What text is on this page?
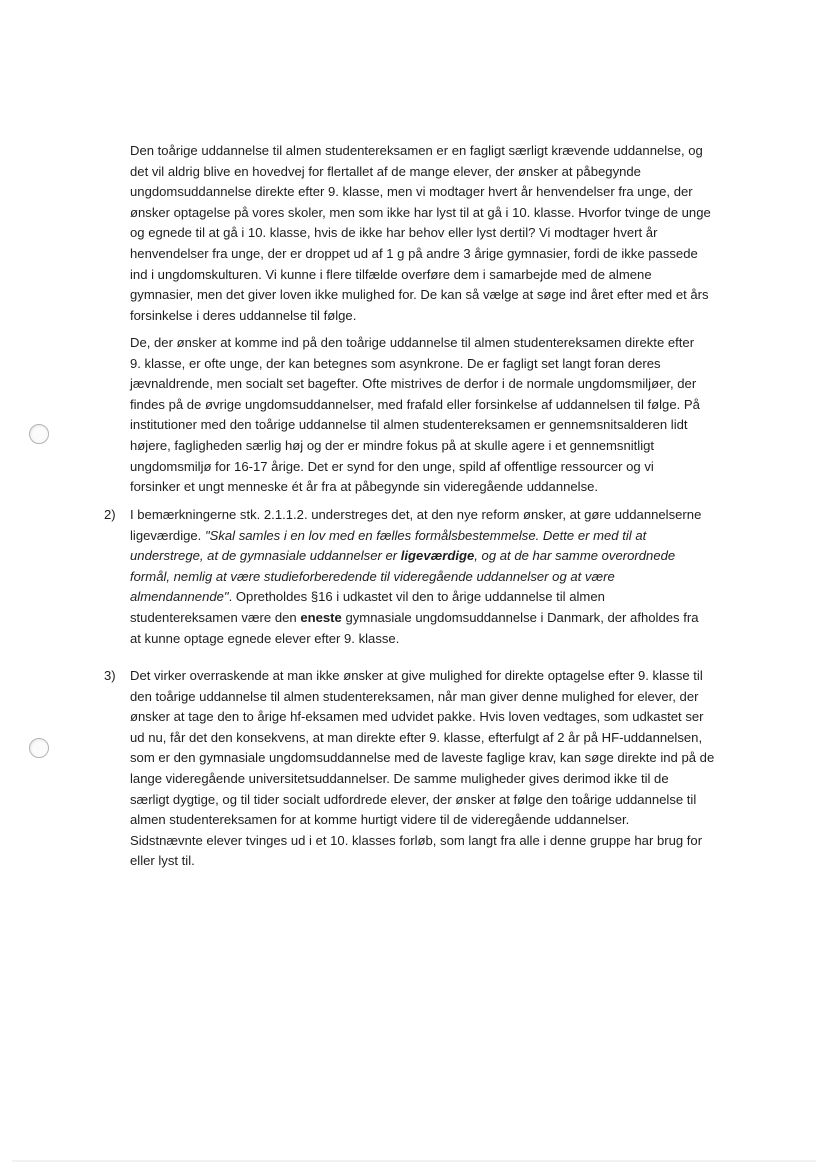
Den toårige uddannelse til almen studentereksamen er en fagligt særligt krævende uddannelse, og
det vil aldrig blive en hovedvej for flertallet af de mange elever, der ønsker at påbegynde
ungdomsuddannelse direkte efter 9. klasse, men vi modtager hvert år henvendelser fra unge, der
ønsker optagelse på vores skoler, men som ikke har lyst til at gå i 10. klasse. Hvorfor tvinge de unge
og egnede til at gå i 10. klasse, hvis de ikke har behov eller lyst dertil? Vi modtager hvert år
henvendelser fra unge, der er droppet ud af 1 g på andre 3 årige gymnasier, fordi de ikke passede
ind i ungdomskulturen. Vi kunne i flere tilfælde overføre dem i samarbejde med de almene
gymnasier, men det giver loven ikke mulighed for. De kan så vælge at søge ind året efter med et års
forsinkelse i deres uddannelse til følge.

De, der ønsker at komme ind på den toårige uddannelse til almen studentereksamen direkte efter
9. klasse, er ofte unge, der kan betegnes som asynkrone. De er fagligt set langt foran deres
jævnaldrende, men socialt set bagefter. Ofte mistrives de derfor i de normale ungdomsmiljøer, der
findes på de øvrige ungdomsuddannelser, med frafald eller forsinkelse af uddannelsen til følge. På
institutioner med den toårige uddannelse til almen studentereksamen er gennemsnitsalderen lidt
højere, fagligheden særlig høj og der er mindre fokus på at skulle agere i et gennemsnitligt
ungdomsmiljø for 16-17 årige. Det er synd for den unge, spild af offentlige ressourcer og vi
forsinker et ungt menneske ét år fra at påbegynde sin videregående uddannelse.

2) I bemærkningerne stk. 2.1.1.2. understreges det, at den nye reform ønsker, at gøre uddannelserne
ligeværdige. "Skal samles i en lov med en fælles formålsbestemmelse. Dette er med til at
understrege, at de gymnasiale uddannelser er ligeværdige, og at de har samme overordnede
formål, nemlig at være studieforberedende til videregående uddannelser og at være
almendannende". Opretholdes §16 i udkastet vil den to årige uddannelse til almen
studentereksamen være den eneste gymnasiale ungdomsuddannelse i Danmark, der afholdes fra
at kunne optage egnede elever efter 9. klasse.

3) Det virker overraskende at man ikke ønsker at give mulighed for direkte optagelse efter 9. klasse til
den toårige uddannelse til almen studentereksamen, når man giver denne mulighed for elever, der
ønsker at tage den to årige hf-eksamen med udvidet pakke. Hvis loven vedtages, som udkastet ser
ud nu, får det den konsekvens, at man direkte efter 9. klasse, efterfulgt af 2 år på HF-uddannelsen,
som er den gymnasiale ungdomsuddannelse med de laveste faglige krav, kan søge direkte ind på de
lange videregående universitetsuddannelser. De samme muligheder gives derimod ikke til de
særligt dygtige, og til tider socialt udfordrede elever, der ønsker at følge den toårige uddannelse til
almen studentereksamen for at komme hurtigt videre til de videregående uddannelser.
Sidstnævnte elever tvinges ud i et 10. klasses forløb, som langt fra alle i denne gruppe har brug for
eller lyst til.
